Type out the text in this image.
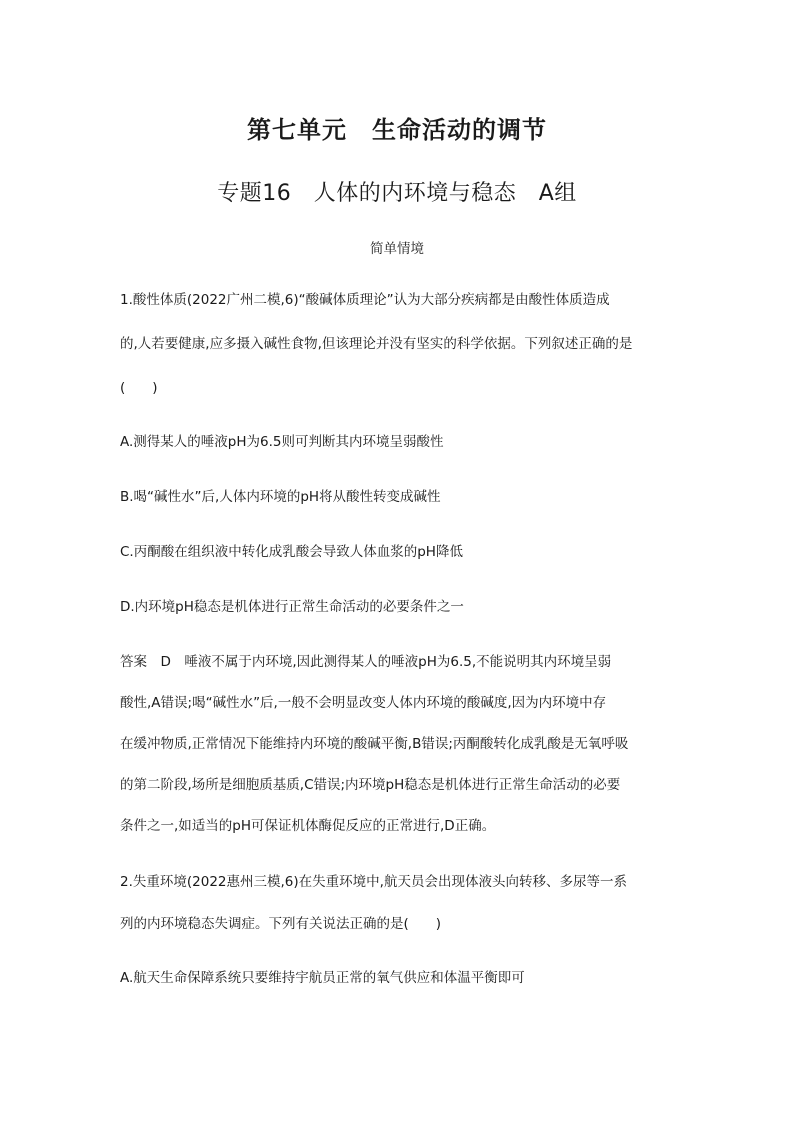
第七单元　生命活动的调节
专题16　人体的内环境与稳态　A组
简单情境
1.酸性体质(2022广州二模,6)“酸碱体质理论”认为大部分疾病都是由酸性体质造成
的,人若要健康,应多摄入碱性食物,但该理论并没有坚实的科学依据。下列叙述正确的是
(　　)
A.测得某人的唾液pH为6.5则可判断其内环境呈弱酸性
B.喝“碱性水”后,人体内环境的pH将从酸性转变成碱性
C.丙酮酸在组织液中转化成乳酸会导致人体血浆的pH降低
D.内环境pH稳态是机体进行正常生命活动的必要条件之一
答案　D　唾液不属于内环境,因此测得某人的唾液pH为6.5,不能说明其内环境呈弱
酸性,A错误;喝“碱性水”后,一般不会明显改变人体内环境的酸碱度,因为内环境中存
在缓冲物质,正常情况下能维持内环境的酸碱平衡,B错误;丙酮酸转化成乳酸是无氧呼吸
的第二阶段,场所是细胞质基质,C错误;内环境pH稳态是机体进行正常生命活动的必要
条件之一,如适当的pH可保证机体酶促反应的正常进行,D正确。
2.失重环境(2022惠州三模,6)在失重环境中,航天员会出现体液头向转移、多尿等一系
列的内环境稳态失调症。下列有关说法正确的是(　　)
A.航天生命保障系统只要维持宇航员正常的氧气供应和体温平衡即可
